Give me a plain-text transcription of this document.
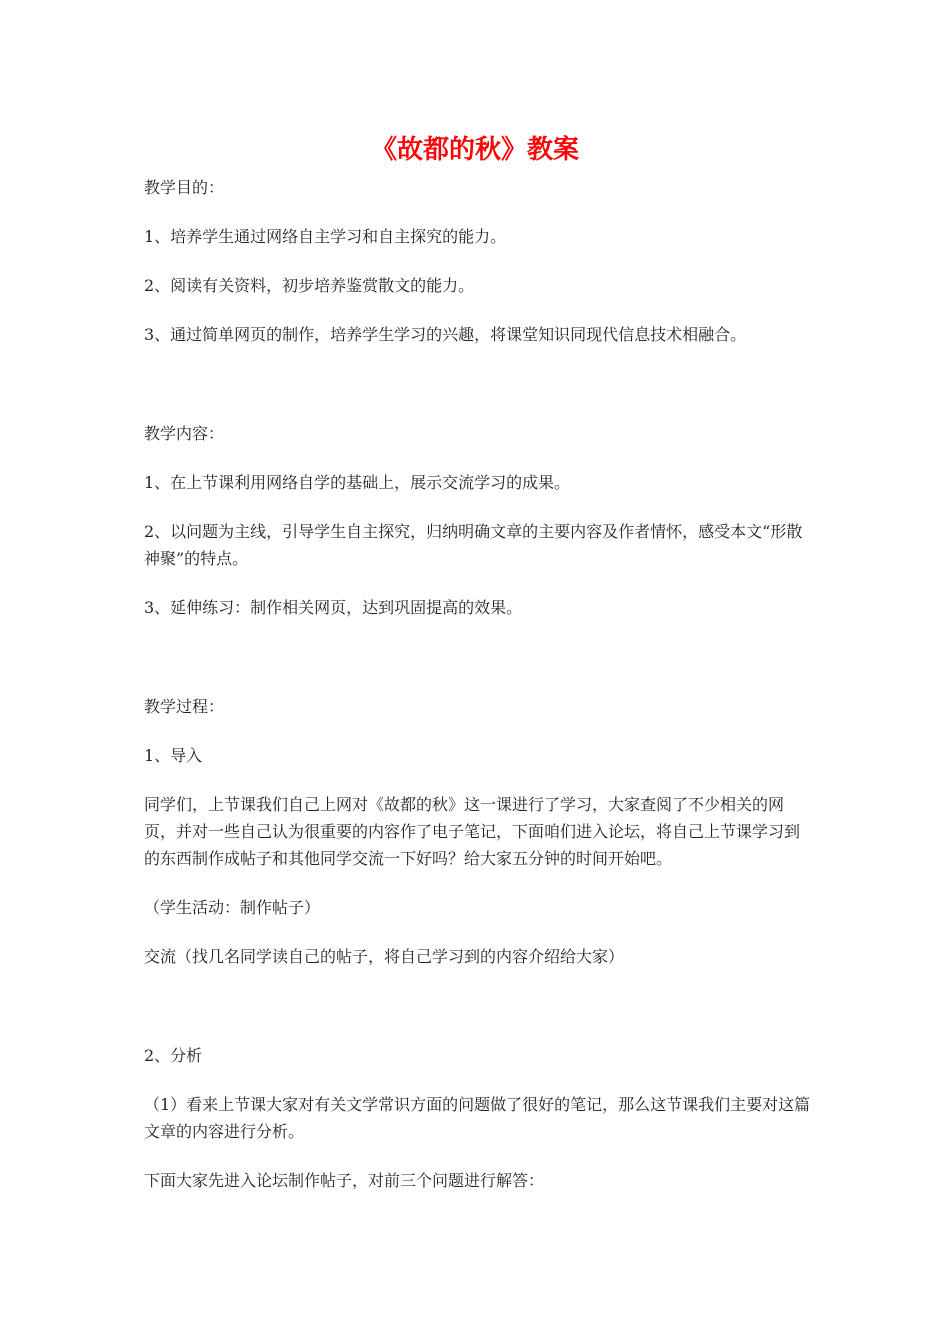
《故都的秋》教案

教学目的：

1、培养学生通过网络自主学习和自主探究的能力。

2、阅读有关资料，初步培养鉴赏散文的能力。

3、通过简单网页的制作，培养学生学习的兴趣，将课堂知识同现代信息技术相融合。

教学内容：

1、在上节课利用网络自学的基础上，展示交流学习的成果。

2、以问题为主线，引导学生自主探究，归纳明确文章的主要内容及作者情怀，感受本文“形散神聚”的特点。

3、延伸练习：制作相关网页，达到巩固提高的效果。

教学过程：

1、导入

同学们，上节课我们自己上网对《故都的秋》这一课进行了学习，大家查阅了不少相关的网页，并对一些自己认为很重要的内容作了电子笔记，下面咱们进入论坛，将自己上节课学习到的东西制作成帖子和其他同学交流一下好吗？给大家五分钟的时间开始吧。

（学生活动：制作帖子）

交流（找几名同学读自己的帖子，将自己学习到的内容介绍给大家）

2、分析

（1）看来上节课大家对有关文学常识方面的问题做了很好的笔记，那么这节课我们主要对这篇文章的内容进行分析。

下面大家先进入论坛制作帖子，对前三个问题进行解答：
